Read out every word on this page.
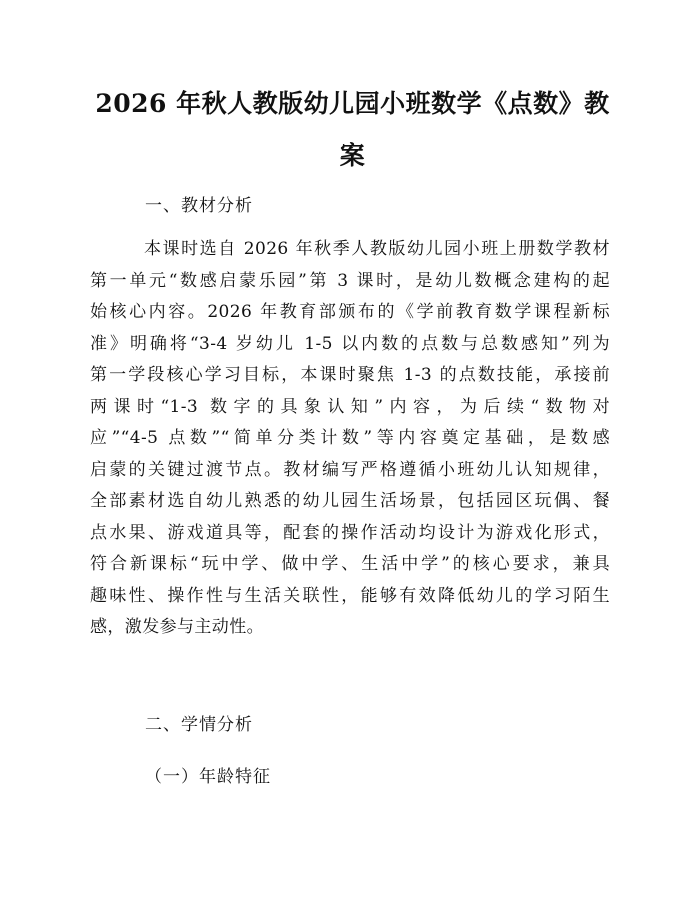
2026 年秋人教版幼儿园小班数学《点数》教
案
一、教材分析
本课时选自 2026 年秋季人教版幼儿园小班上册数学教材
第一单元“数感启蒙乐园”第 3 课时，是幼儿数概念建构的起
始核心内容。2026 年教育部颁布的《学前教育数学课程新标
准》明确将“3-4 岁幼儿 1-5 以内数的点数与总数感知”列为
第一学段核心学习目标，本课时聚焦 1-3 的点数技能，承接前
两课时“1-3 数字的具象认知”内容，为后续“数物对
应”“4-5 点数”“简单分类计数”等内容奠定基础，是数感
启蒙的关键过渡节点。教材编写严格遵循小班幼儿认知规律，
全部素材选自幼儿熟悉的幼儿园生活场景，包括园区玩偶、餐
点水果、游戏道具等，配套的操作活动均设计为游戏化形式，
符合新课标“玩中学、做中学、生活中学”的核心要求，兼具
趣味性、操作性与生活关联性，能够有效降低幼儿的学习陌生
感，激发参与主动性。
二、学情分析
（一）年龄特征
